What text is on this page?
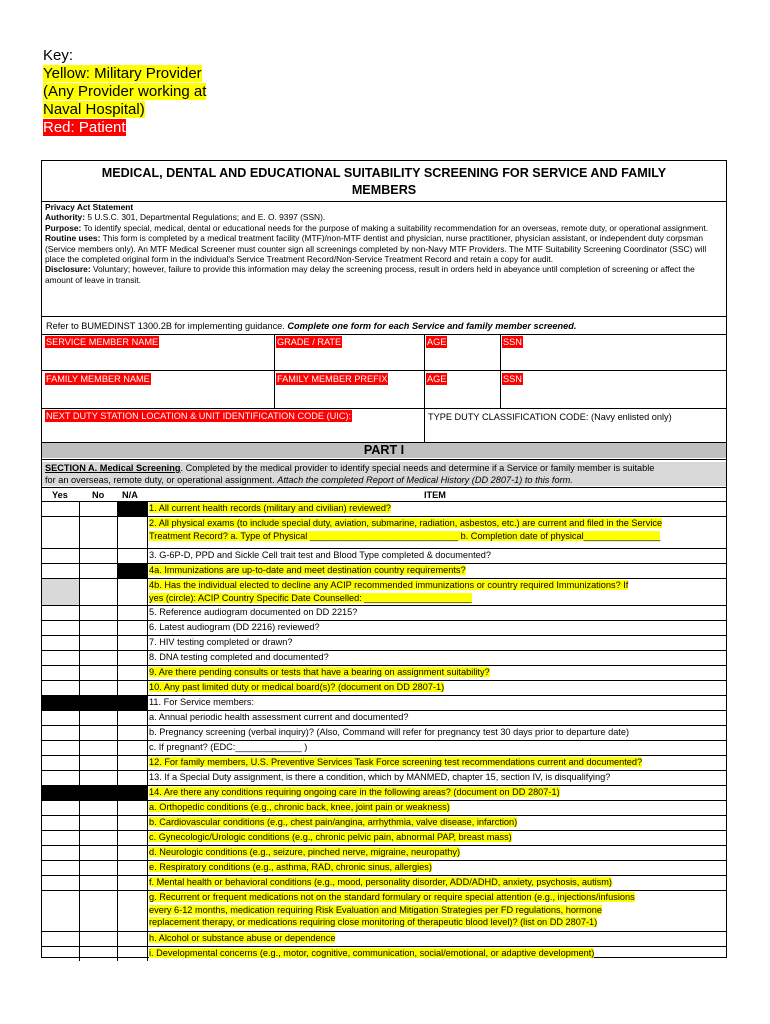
Key:
Yellow: Military Provider
(Any Provider working at
Naval Hospital)
Red: Patient
MEDICAL, DENTAL AND EDUCATIONAL SUITABILITY SCREENING FOR SERVICE AND FAMILY
MEMBERS
Privacy Act Statement
Authority: 5 U.S.C. 301, Departmental Regulations; and E. O. 9397 (SSN).
Purpose: To identify special, medical, dental or educational needs for the purpose of making a suitability recommendation for an overseas, remote duty, or operational assignment.
Routine uses: This form is completed by a medical treatment facility (MTF)/non-MTF dentist and physician, nurse practitioner, physician assistant, or independent duty corpsman (Service members only). An MTF Medical Screener must counter sign all screenings completed by non-Navy MTF Providers. The MTF Suitability Screening Coordinator (SSC) will place the completed original form in the individual's Service Treatment Record/Non-Service Treatment Record and retain a copy for audit.
Disclosure: Voluntary; however, failure to provide this information may delay the screening process, result in orders held in abeyance until completion of screening or affect the amount of leave in transit.
Refer to BUMEDINST 1300.2B for implementing guidance. Complete one form for each Service and family member screened.
SERVICE MEMBER NAME	GRADE / RATE	AGE	SSN
FAMILY MEMBER NAME	FAMILY MEMBER PREFIX	AGE	SSN
NEXT DUTY STATION LOCATION & UNIT IDENTIFICATION CODE (UIC):	TYPE DUTY CLASSIFICATION CODE: (Navy enlisted only)
PART I
SECTION A. Medical Screening. Completed by the medical provider to identify special needs and determine if a Service or family member is suitable
for an overseas, remote duty, or operational assignment. Attach the completed Report of Medical History (DD 2807-1) to this form.
Yes	No N/A	ITEM
1. All current health records (military and civilian) reviewed?
2. All physical exams (to include special duty, aviation, submarine, radiation, asbestos, etc.) are current and filed in the Service
Treatment Record? a. Type of Physical _____________________________ b. Completion date of physical_______________
3. G-6P-D, PPD and Sickle Cell trait test and Blood Type completed & documented?
4a. Immunizations are up-to-date and meet destination country requirements?
4b. Has the individual elected to decline any ACIP recommended immunizations or country required Immunizations? If
yes (circle): ACIP Country Specific Date Counselled: _____________________
5. Reference audiogram documented on DD 2215?
6. Latest audiogram (DD 2216) reviewed?
7. HIV testing completed or drawn?
8. DNA testing completed and documented?
9. Are there pending consults or tests that have a bearing on assignment suitability?
10. Any past limited duty or medical board(s)? (document on DD 2807-1)
11. For Service members:
a. Annual periodic health assessment current and documented?
b. Pregnancy screening (verbal inquiry)? (Also, Command will refer for pregnancy test 30 days prior to departure date)
c. If pregnant? (EDC:_____________ )
12. For family members, U.S. Preventive Services Task Force screening test recommendations current and documented?
13. If a Special Duty assignment, is there a condition, which by MANMED, chapter 15, section IV, is disqualifying?
14. Are there any conditions requiring ongoing care in the following areas? (document on DD 2807-1)
a. Orthopedic conditions (e.g., chronic back, knee, joint pain or weakness)
b. Cardiovascular conditions (e.g., chest pain/angina, arrhythmia, valve disease, infarction)
c. Gynecologic/Urologic conditions (e.g., chronic pelvic pain, abnormal PAP, breast mass)
d. Neurologic conditions (e.g., seizure, pinched nerve, migraine, neuropathy)
e. Respiratory conditions (e.g., asthma, RAD, chronic sinus, allergies)
f. Mental health or behavioral conditions (e.g., mood, personality disorder, ADD/ADHD, anxiety, psychosis, autism)
g. Recurrent or frequent medications not on the standard formulary or require special attention (e.g., injections/infusions
every 6-12 months, medication requiring Risk Evaluation and Mitigation Strategies per FD regulations, hormone
replacement therapy, or medications requiring close monitoring of therapeutic blood level)? (list on DD 2807-1)
h. Alcohol or substance abuse or dependence
i. Developmental concerns (e.g., motor, cognitive, communication, social/emotional, or adaptive development)
